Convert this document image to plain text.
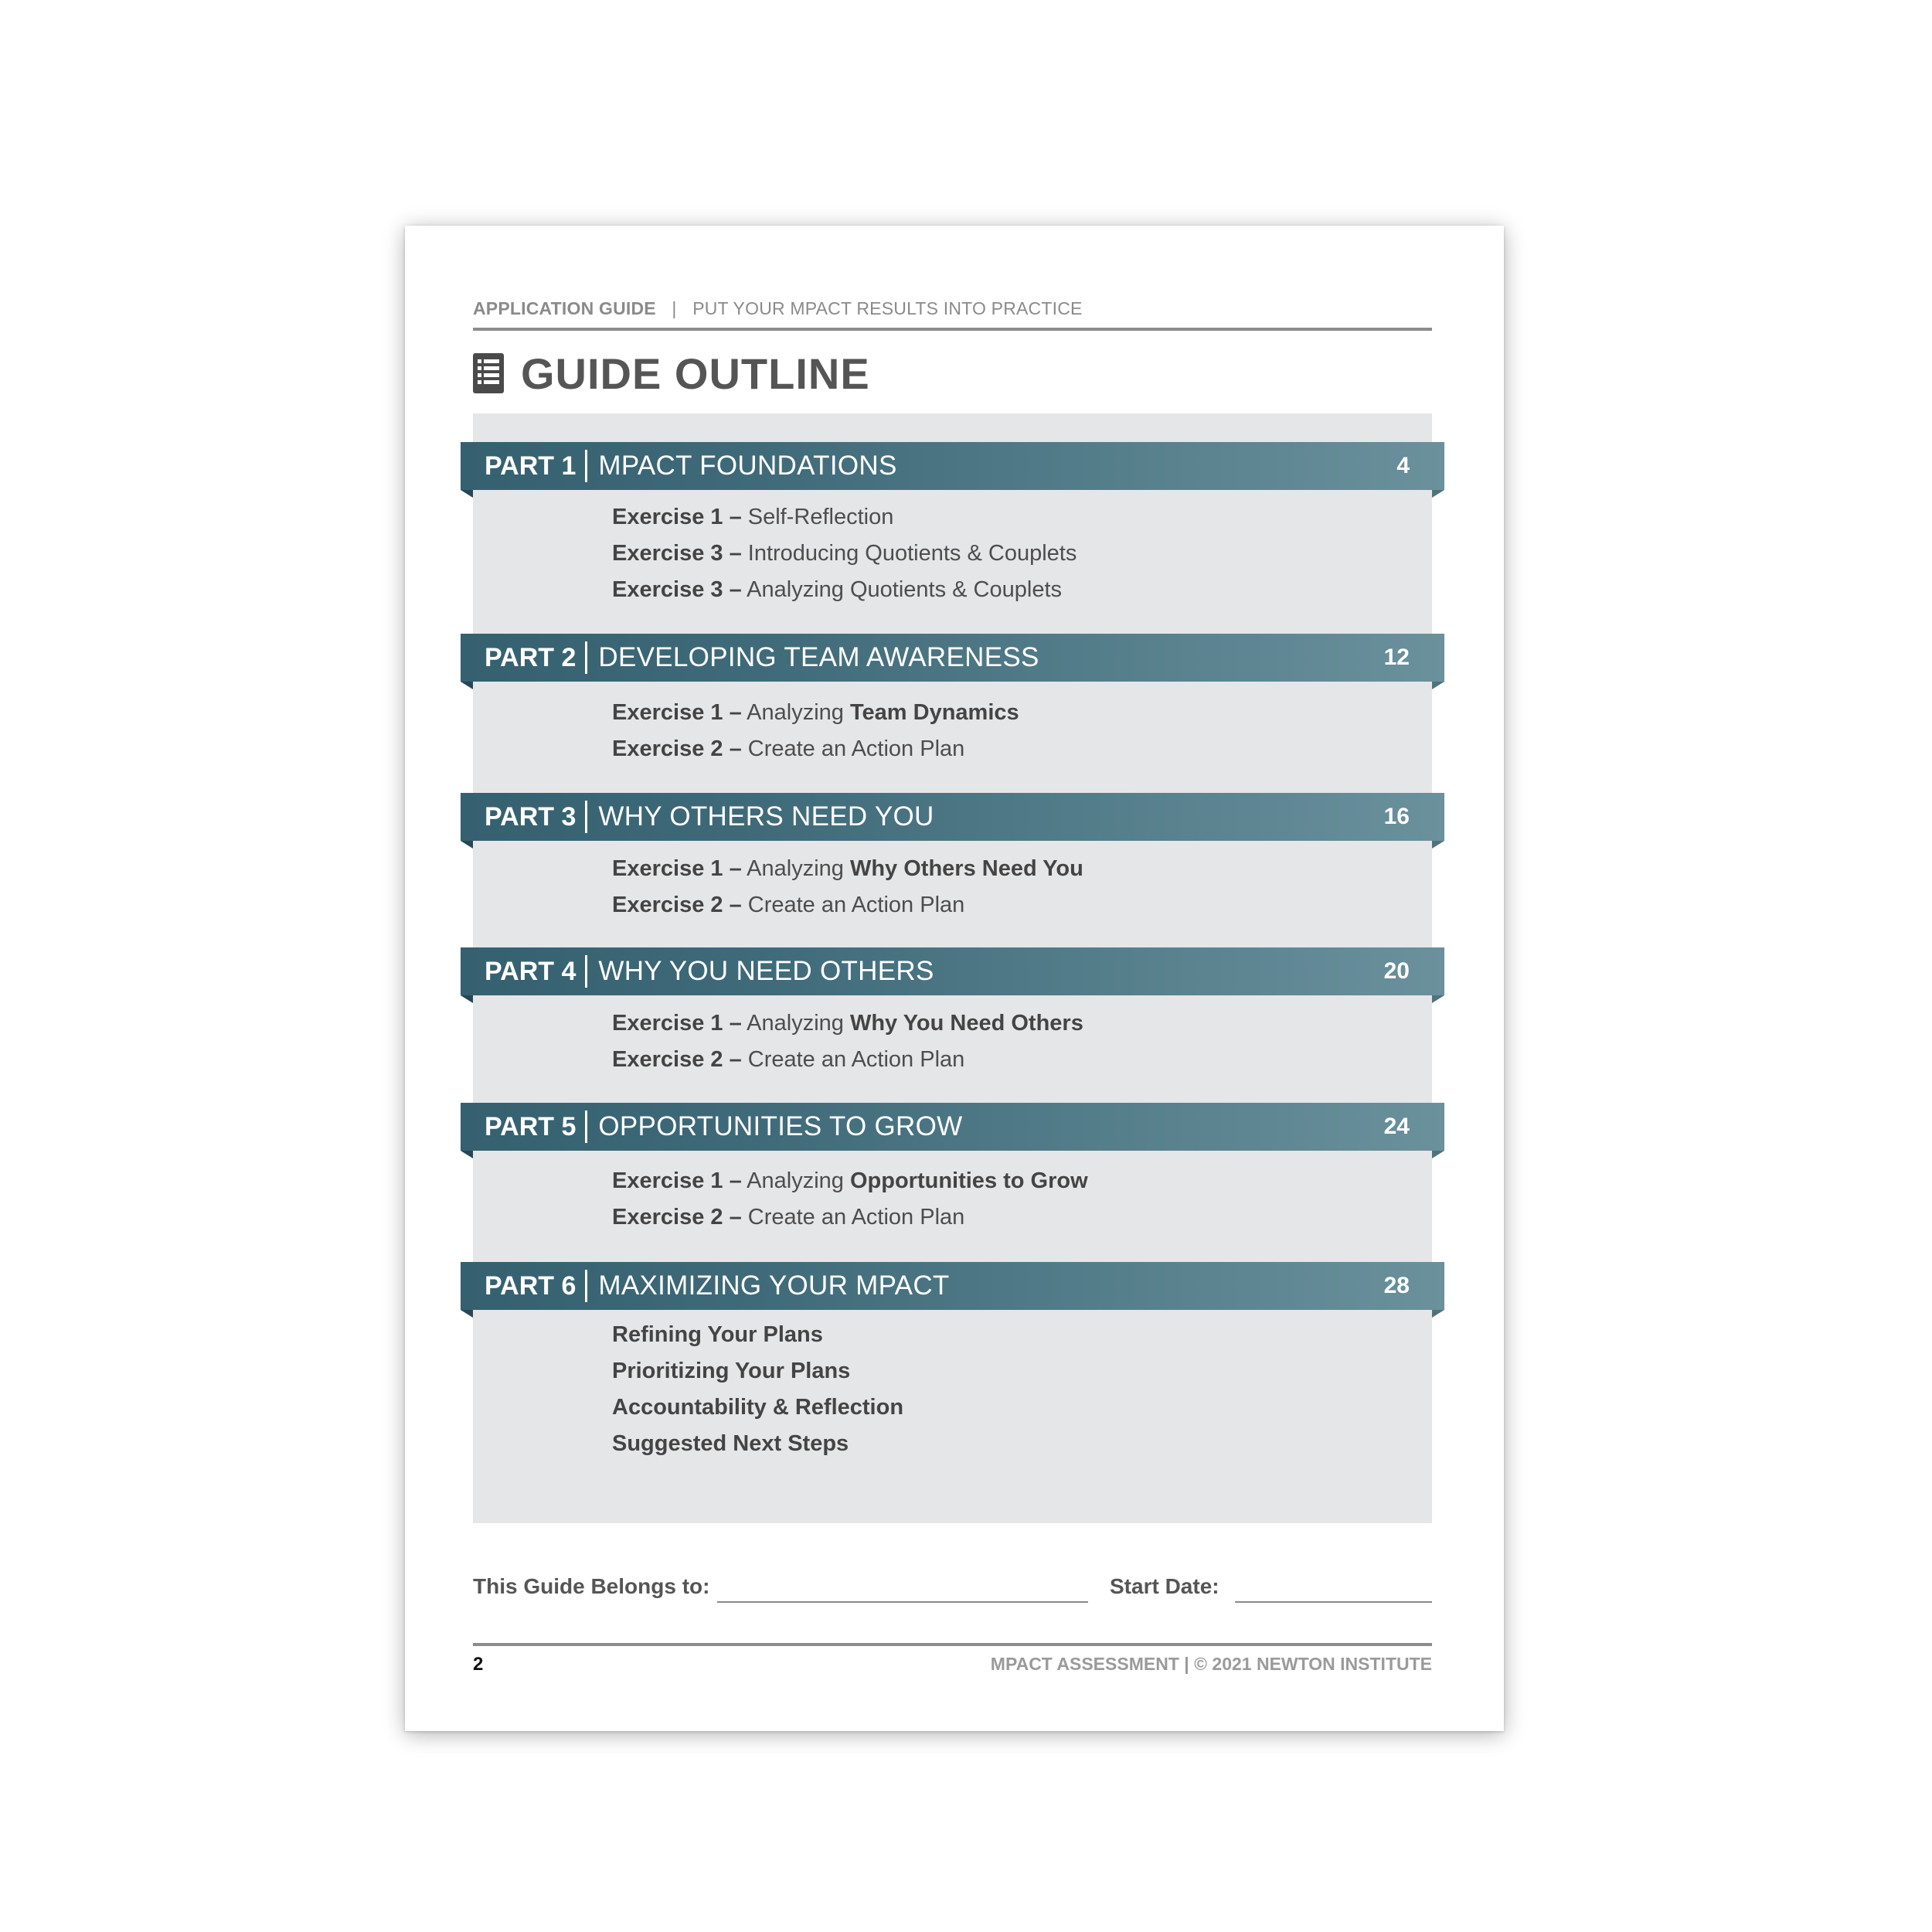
APPLICATION GUIDE | PUT YOUR MPACT RESULTS INTO PRACTICE
GUIDE OUTLINE
PART 1 MPACT FOUNDATIONS	4
Exercise 1 – Self-Reflection
Exercise 3 – Introducing Quotients & Couplets
Exercise 3 – Analyzing Quotients & Couplets
PART 2 DEVELOPING TEAM AWARENESS	12
Exercise 1 – Analyzing Team Dynamics
Exercise 2 – Create an Action Plan
PART 3 WHY OTHERS NEED YOU	16
Exercise 1 – Analyzing Why Others Need You
Exercise 2 – Create an Action Plan
PART 4 WHY YOU NEED OTHERS	20
Exercise 1 – Analyzing Why You Need Others
Exercise 2 – Create an Action Plan
PART 5 OPPORTUNITIES TO GROW	24
Exercise 1 – Analyzing Opportunities to Grow
Exercise 2 – Create an Action Plan
PART 6 MAXIMIZING YOUR MPACT	28
Refining Your Plans
Prioritizing Your Plans
Accountability & Reflection
Suggested Next Steps
This Guide Belongs to:	Start Date:
2	MPACT ASSESSMENT | © 2021 NEWTON INSTITUTE
